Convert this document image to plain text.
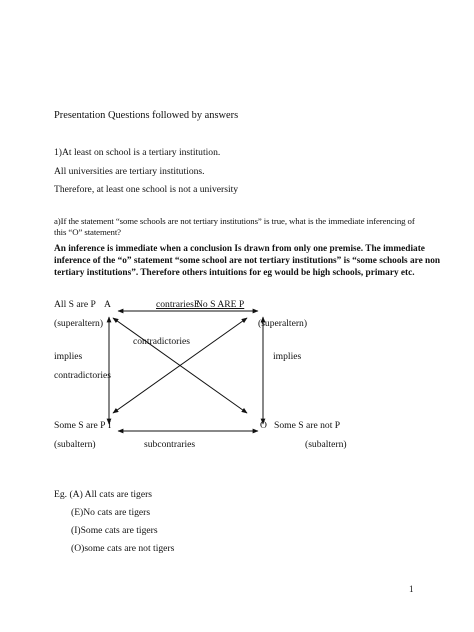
Presentation Questions followed by answers
1)At least on school is a tertiary institution.
All universities are tertiary institutions.
Therefore, at least one school is not a university
a)If the statement “some schools are not tertiary institutions” is true, what is the immediate inferencing of
this “O” statement?
An inference is immediate when a conclusion Is drawn from only one premise. The immediate
inference of the “o” statement “some school are not tertiary institutions” is “some schools are non
tertiary institutions”. Therefore others intuitions for eg would be high schools, primary etc.
All S are P A	contrariesE
No S ARE P
(superaltern)	(superaltern)
contradictories
implies	implies
contradictories
Some S are P I	O Some S are not P
(subaltern)	subcontraries	(subaltern)
Eg. (A) All cats are tigers
(E)No cats are tigers
(I)Some cats are tigers
(O)some cats are not tigers
1
